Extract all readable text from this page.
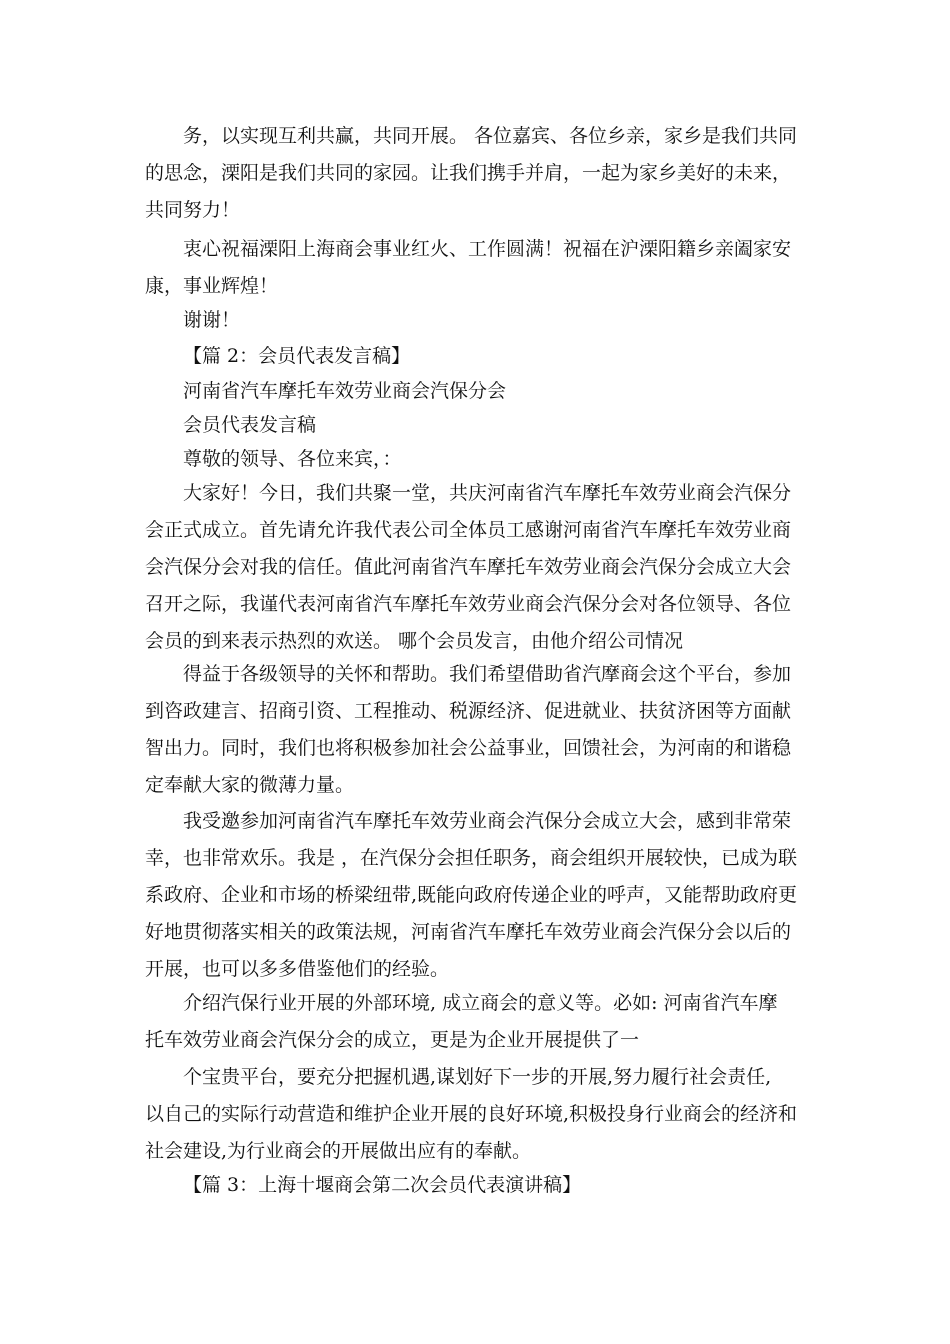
务，以实现互利共赢，共同开展。 各位嘉宾、各位乡亲，家乡是我们共同
的思念，溧阳是我们共同的家园。让我们携手并肩，一起为家乡美好的未来，
共同努力！
衷心祝福溧阳上海商会事业红火、工作圆满！祝福在沪溧阳籍乡亲阖家安
康，事业辉煌！
谢谢！
【篇 2：会员代表发言稿】
河南省汽车摩托车效劳业商会汽保分会
会员代表发言稿
尊敬的领导、各位来宾，：
大家好！今日，我们共聚一堂，共庆河南省汽车摩托车效劳业商会汽保分
会正式成立。首先请允许我代表公司全体员工感谢河南省汽车摩托车效劳业商
会汽保分会对我的信任。值此河南省汽车摩托车效劳业商会汽保分会成立大会
召开之际，我谨代表河南省汽车摩托车效劳业商会汽保分会对各位领导、各位
会员的到来表示热烈的欢送。 哪个会员发言，由他介绍公司情况
得益于各级领导的关怀和帮助。我们希望借助省汽摩商会这个平台，参加
到咨政建言、招商引资、工程推动、税源经济、促进就业、扶贫济困等方面献
智出力。同时，我们也将积极参加社会公益事业，回馈社会，为河南的和谐稳
定奉献大家的微薄力量。
我受邀参加河南省汽车摩托车效劳业商会汽保分会成立大会，感到非常荣
幸，也非常欢乐。我是 ，在汽保分会担任职务，商会组织开展较快，已成为联
系政府、企业和市场的桥梁纽带,既能向政府传递企业的呼声，又能帮助政府更
好地贯彻落实相关的政策法规，河南省汽车摩托车效劳业商会汽保分会以后的
开展，也可以多多借鉴他们的经验。
介绍汽保行业开展的外部环境, 成立商会的意义等。必如: 河南省汽车摩
托车效劳业商会汽保分会的成立，更是为企业开展提供了一
个宝贵平台，要充分把握机遇,谋划好下一步的开展,努力履行社会责任,
以自己的实际行动营造和维护企业开展的良好环境,积极投身行业商会的经济和
社会建设,为行业商会的开展做出应有的奉献。
【篇 3：上海十堰商会第二次会员代表演讲稿】
